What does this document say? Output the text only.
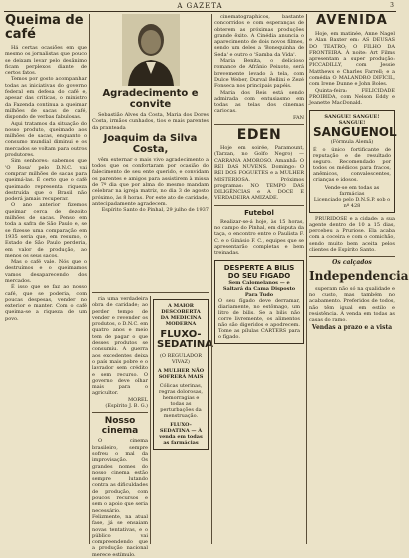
A GAZETA	3
Queima de café

Há certas ocasiões em que mesmo os jornalistas que pouco se deixam levar pelo desânimo ficam perplexos diante de certos fatos.

Temos por gosto acompanhar todas as iniciativas do governo federal em defesa do café e, apesar das críticas, o ministro da Fazenda continua a queimar milhões de sacas de café, dispondo de verbas fabulosas.

Aqui tratamos da situação do nosso produto, queimado aos milhões de sacas, enquanto o consumo mundial diminui e os mercados se voltam para outros produtores.

Sim senhores: sabemos que 'O Rosa' pelo D.N.C. vai comprar milhões de sacas para queimá-las. É certo que o café queimado representa riqueza destruída que o Brasil não poderá jamais recuperar.

O ano anterior fizemos queimar cerca de dezoito milhões de sacas. Penso em toda a safra de São Paulo e, se se fizesse uma comparação em 1935 seria que, em resumo, o Estado de São Paulo perderia, em valor de produção, ao menos os seus sacos.

Mas o café vale. Nós que o destruímos e o queimamos vamos desaparecendo dos mercados.

É isso que se faz ao nosso café, que se poderia, com poucas despesas, vender no exterior e manter. Com o café queima-se a riqueza de um povo.

Agradecimento e convite

Sebastião Alves da Costa, Maria dos Dores Costa, irmãos cunhados, tios e mais parentes da pranteada

Joaquim da Silva Costa,

vêm externar o mais vivo agradecimento a todos que os confortaram por ocasião do falecimento de seu ente querido, e convidam os parentes e amigos para assistirem à missa de 7º dia que por alma do mesmo mandam celebrar na igreja matriz, no dia 3 de agosto próximo, às 8 horas. Por este ato de caridade, antecipadamente agradecem.

Espírito Santo do Pinhal, 29 julho de 1937

ria uma verdadeira obra de caridade; ao perder tempo de vender e revender os produtos, o D.N.C. em quatro anos e meio tem de pagar o que desses produtos se consumiu. A guerra aos excedentes deixa o país mais pobre e o lavrador sem crédito e sem recurso. O governo deve olhar mais para o agricultor.

MOREL
(Espírito J. B. G.)
Nosso cinema

O cinema brasileiro, sempre sofreu o mal da improvisação. Os grandes nomes do nosso cinema estão sempre lutando contra as dificuldades de produção, com poucos recursos e sem o apoio que seria necessário. Felizmente, na atual fase, já se ensaiam novas tentativas, e o público vai compreendendo que a produção nacional merece estímulo.

A MAIOR DESCOBERTA DA MEDICINA MODERNA
FLUXO-SEDATINA
(O REGULADOR VIVAZ)
A MULHER NÃO SOFRERÁ MAIS
Cólicas uterinas, regras dolorosas, hemorragias e todas as perturbações da menstruação.
FLUXO-SEDATINA — À venda em todas as farmácias

cinematographicos, bastante concorridos e com esperanças de obterem as próximas produções grande êxito. A Cinédia anuncia o aparecimento de dois novos filmes, sendo um deles a 'Bonequinha de Seda' e outro o 'Samba da Vida'.

Maria Benita, o delicioso romance de Afrânio Peixoto, será brevemente levado à tela, com Dulce Weber, Durval Bellini e Zezé Fonseca nos principais papéis.

Maria dos Reis está sendo admirada com entusiasmo em todas as telas dos cinemas cariocas.

FAN
EDEN

Hoje em soirée, Paramount, (Tarzan, no Golfo Negro) — CARRANA AMOROSO. Amanhã: O REI DAS NUVENS. Domingo: O REI DOS FOGUETES e a MULHER MISTERIOSA. Próximos programas: NO TEMPO DAS DILIGÊNCIAS e A DOCE E VERDADEIRA AMIZADE.

Futebol

Realizar-se-á hoje, às 15 horas, no campo do Pinhal, em disputa da taça, o encontro entre o Paulista F. C. e o Ginásio F. C., equipes que se apresentarão completas e bem treinadas.

DESPERTE A BILIS DO SEU FIGADO
Sem Calomelanos — e Saltará da Cama Disposto Para Tudo
O seu fígado deve derramar, diariamente, no estômago, um litro de bilis. Se a bilis não corre livremente, os alimentos não são digeridos e apodrecem. Tome as pílulas CARTERS para o fígado.
AVENIDA

Hoje, em matinée, Anne Nagel e Alan Baxter em: AS DEUSAS DO TEATRO; O FILHO DA FRONTEIRA. À noite: Art Films apresentam a super produção: PICCADILLY, com Jessie Matthews e Charles Farrell; e a comédia O MALANDRO DIFÍCIL, com Irene Dunne e John Boles.

Quinta-feira: FELICIDADE PROIBIDA, com Nelson Eddy e Jeanette MacDonald.

SANGUE! SANGUE! SANGUE!
SANGUENOL
(Fórmula Alemã)
É o único fortificante de reputação e de resultado seguro. Recomendado por todos os médicos para fracos, anêmicos, convalescentes, crianças e idosos.
Vende-se em todas as farmácias
Licenciado pelo D.N.S.P. sob o nº 428

PRURIDOSE e a cidade: a sua agente dentro de 10 a 15 dias, percebeu a Pruriose. Ela acaba com a coceira e com o comichão, sendo muito bem aceita pelos clientes de Espírito Santo.

Os calçados
Independencia

superam não só na qualidade e no custo, mas também no acabamento. Preferidos de todos, não têm igual em estilo e resistência. À venda em todas as casas do ramo.

Vendas a prazo e a vista
